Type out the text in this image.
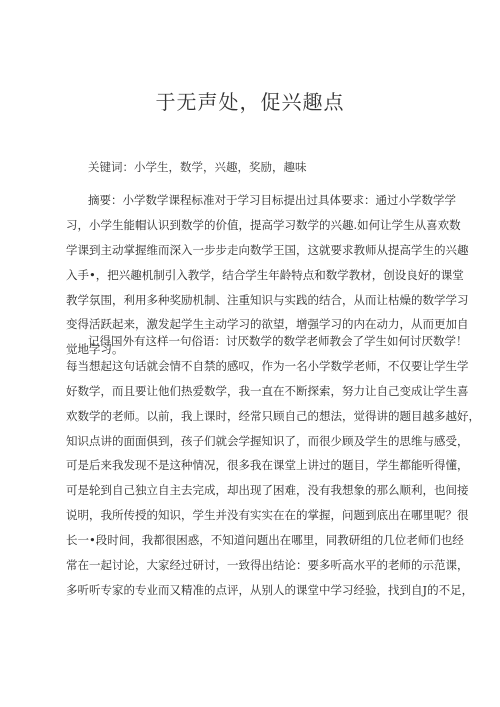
于无声处，促兴趣点
关键词：小学生，数学，兴趣，奖励，趣味
摘要：小学数学课程标准对于学习目标提出过具体要求：通过小学数学学
习，小学生能帽认识到数学的价值，提高学习数学的兴趣.如何让学生从喜欢数
学课到主动掌握维而深入一步步走向数学王国，这就要求教师从提高学生的兴趣
入手•，把兴趣机制引入教学，结合学生年龄特点和数学教材，创设良好的课堂
教学氛围，利用多种奖励机制、注重知识与实践的结合，从而让枯燥的数学学习
变得活跃起来，激发起学生主动学习的欲望，增强学习的内在动力，从而更加自
觉地学习。
记得国外有这样一句俗语：讨厌数学的数学老师教会了学生如何讨厌数学！
每当想起这句话就会情不自禁的感叹，作为一名小学数学老师，不仅要让学生学
好数学，而且要让他们热爱数学，我一直在不断探索，努力让自己变成让学生喜
欢数学的老师。以前，我上课时，经常只顾自己的想法，觉得讲的题目越多越好，
知识点讲的面面俱到，孩子们就会学握知识了，而很少顾及学生的思维与感受，
可是后来我发现不是这种情况，很多我在课堂上讲过的题目，学生都能听得懂，
可是轮到自己独立自主去完成，却出现了困难，没有我想象的那么顺利，也间接
说明，我所传授的知识，学生并没有实实在在的掌握，问题到底出在哪里呢？很
长一•段时间，我都很困惑，不知道问题出在哪里，同教研组的几位老师们也经
常在一起讨论，大家经过研讨，一致得出结论：要多听高水平的老师的示范课，
多听听专家的专业而又精准的点评，从别人的课堂中学习经验，找到自J的不足，
